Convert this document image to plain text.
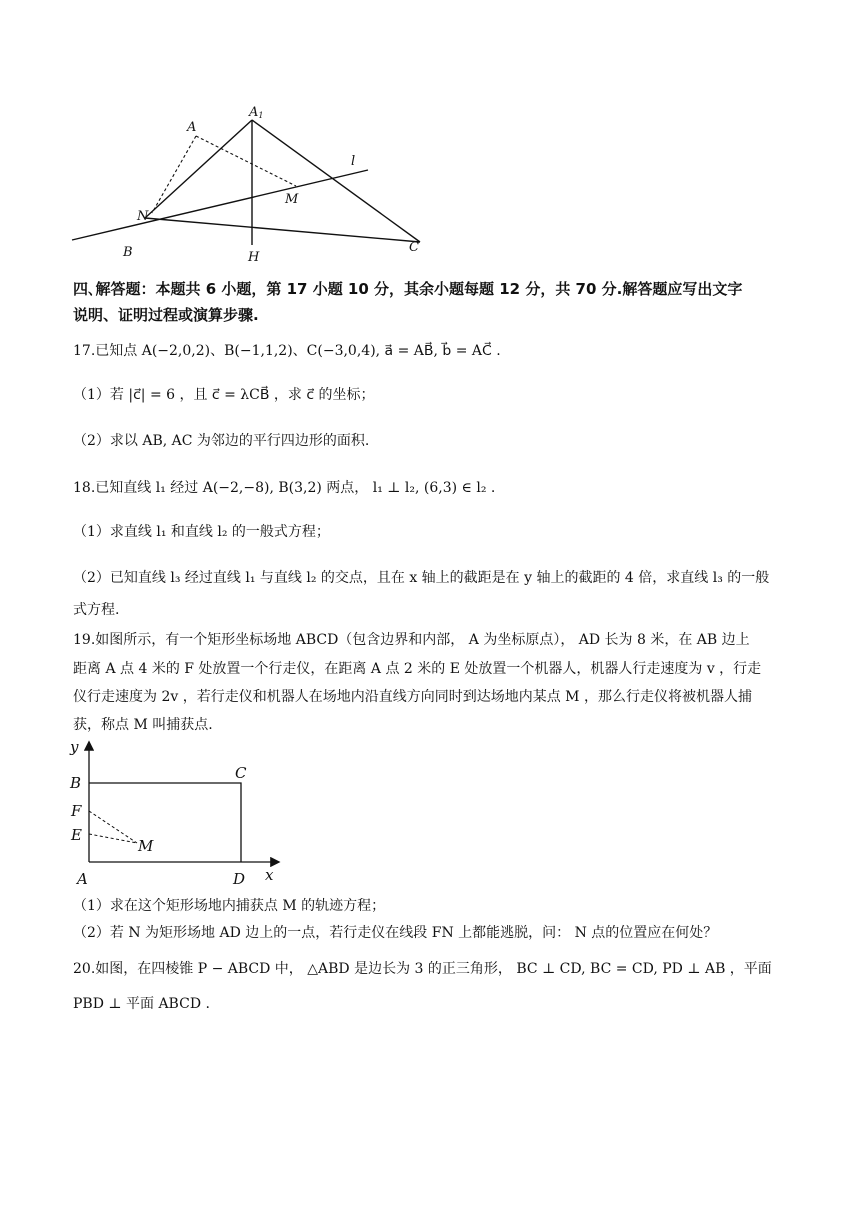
A
A1
l
N
M
B	H
C
四､解答题：本题共 6 小题，第 17 小题 10 分，其余小题每题 12 分，共 70 分.解答题应写出文字
说明、证明过程或演算步骤.
17.已知点 A(−2,0,2)、B(−1,1,2)、C(−3,0,4), a⃗ = AB⃗, b⃗ = AC⃗ .
（1）若 |c⃗| = 6 ，且 c⃗ = λCB⃗ ，求 c⃗ 的坐标；
（2）求以 AB, AC 为邻边的平行四边形的面积.
18.已知直线 l₁ 经过 A(−2,−8), B(3,2) 两点， l₁ ⊥ l₂, (6,3) ∈ l₂ .
（1）求直线 l₁ 和直线 l₂ 的一般式方程；
（2）已知直线 l₃ 经过直线 l₁ 与直线 l₂ 的交点，且在 x 轴上的截距是在 y 轴上的截距的 4 倍，求直线 l₃ 的一般
式方程.
19.如图所示，有一个矩形坐标场地 ABCD（包含边界和内部， A 为坐标原点）， AD 长为 8 米，在 AB 边上
距离 A 点 4 米的 F 处放置一个行走仪，在距离 A 点 2 米的 E 处放置一个机器人，机器人行走速度为 v ，行走
仪行走速度为 2v ，若行走仪和机器人在场地内沿直线方向同时到达场地内某点 M ，那么行走仪将被机器人捕
获，称点 M 叫捕获点.
y
B
C
F
E
M
A	D x
（1）求在这个矩形场地内捕获点 M 的轨迹方程；
（2）若 N 为矩形场地 AD 边上的一点，若行走仪在线段 FN 上都能逃脱，问： N 点的位置应在何处？
20.如图，在四棱锥 P − ABCD 中， △ABD 是边长为 3 的正三角形， BC ⊥ CD, BC = CD, PD ⊥ AB ，平面
PBD ⊥ 平面 ABCD .
